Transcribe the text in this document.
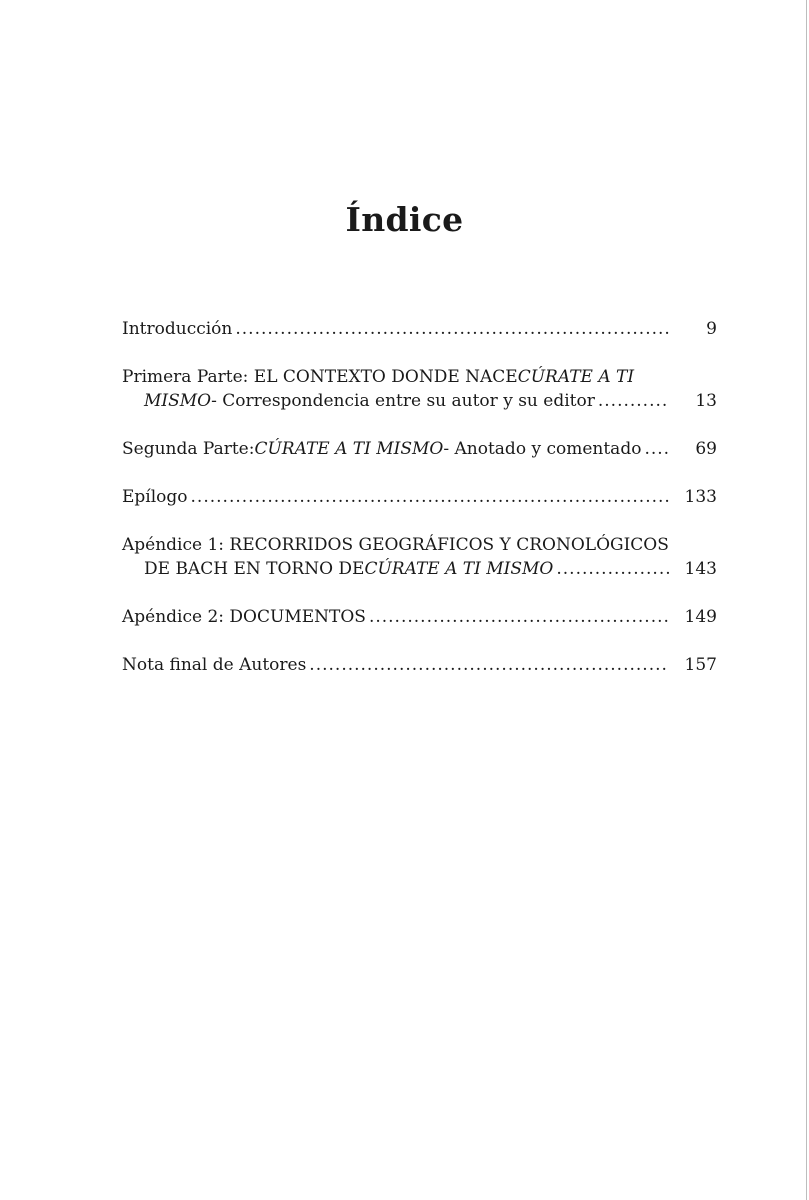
Índice
Introducción .....	9
Primera Parte: EL CONTEXTO DONDE NACE CÚRATE A TI
MISMO - Correspondencia entre su autor y su editor .....	13
Segunda Parte: CÚRATE A TI MISMO - Anotado y comentado .....	69
Epílogo .....	133
Apéndice 1: RECORRIDOS GEOGRÁFICOS Y CRONOLÓGICOS
DE BACH EN TORNO DE CÚRATE A TI MISMO .....	143
Apéndice 2: DOCUMENTOS .....	149
Nota final de Autores .....	157
